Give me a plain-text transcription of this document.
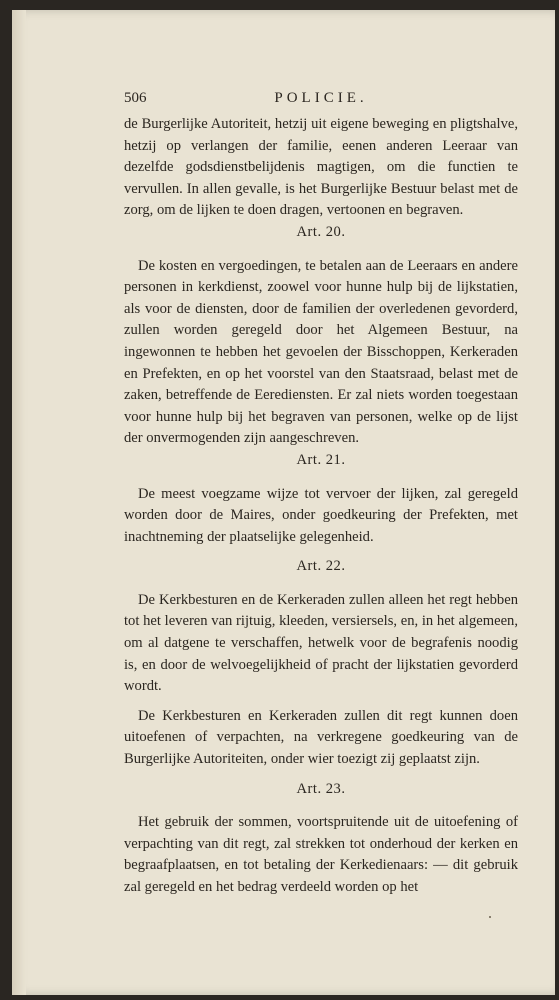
506	POLICIE.

de Burgerlijke Autoriteit, hetzij uit eigene beweging en pligtshalve, hetzij op verlangen der familie, eenen anderen Leeraar van dezelfde godsdienstbelijdenis magtigen, om die functien te vervullen. In allen gevalle, is het Burgerlijke Bestuur belast met de zorg, om de lijken te doen dragen, vertoonen en begraven.

Art. 20.

De kosten en vergoedingen, te betalen aan de Leeraars en andere personen in kerkdienst, zoowel voor hunne hulp bij de lijkstatien, als voor de diensten, door de familien der overledenen gevorderd, zullen worden geregeld door het Algemeen Bestuur, na ingewonnen te hebben het gevoelen der Bisschoppen, Kerkeraden en Prefekten, en op het voorstel van den Staatsraad, belast met de zaken, betreffende de Eerediensten. Er zal niets worden toegestaan voor hunne hulp bij het begraven van personen, welke op de lijst der onvermogenden zijn aangeschreven.

Art. 21.

De meest voegzame wijze tot vervoer der lijken, zal geregeld worden door de Maires, onder goedkeuring der Prefekten, met inachtneming der plaatselijke gelegenheid.

Art. 22.

De Kerkbesturen en de Kerkeraden zullen alleen het regt hebben tot het leveren van rijtuig, kleeden, versiersels, en, in het algemeen, om al datgene te verschaffen, hetwelk voor de begrafenis noodig is, en door de welvoegelijkheid of pracht der lijkstatien gevorderd wordt.

De Kerkbesturen en Kerkeraden zullen dit regt kunnen doen uitoefenen of verpachten, na verkregene goedkeuring van de Burgerlijke Autoriteiten, onder wier toezigt zij geplaatst zijn.

Art. 23.

Het gebruik der sommen, voortspruitende uit de uitoefening of verpachting van dit regt, zal strekken tot onderhoud der kerken en begraafplaatsen, en tot betaling der Kerkedienaars: — dit gebruik zal geregeld en het bedrag verdeeld worden op het
